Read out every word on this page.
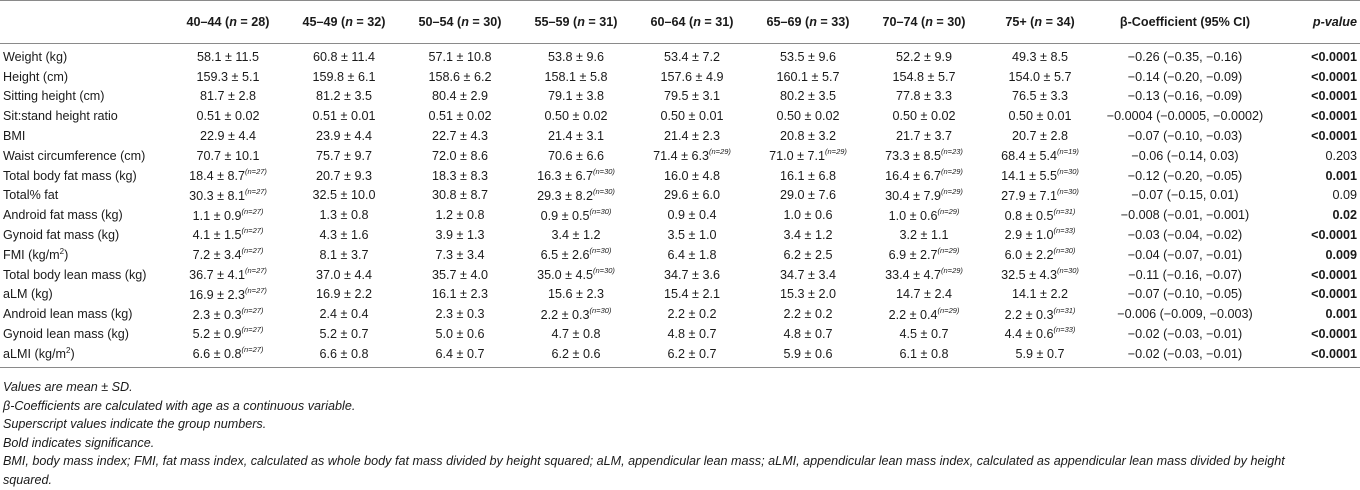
	40–44 (n = 28)	45–49 (n = 32)	50–54 (n = 30)	55–59 (n = 31)	60–64 (n = 31)	65–69 (n = 33)	70–74 (n = 30)	75+ (n = 34)	β-Coefficient (95% CI)	p-value
Weight (kg)	58.1 ± 11.5	60.8 ± 11.4	57.1 ± 10.8	53.8 ± 9.6	53.4 ± 7.2	53.5 ± 9.6	52.2 ± 9.9	49.3 ± 8.5	−0.26 (−0.35, −0.16)	<0.0001
Height (cm)	159.3 ± 5.1	159.8 ± 6.1	158.6 ± 6.2	158.1 ± 5.8	157.6 ± 4.9	160.1 ± 5.7	154.8 ± 5.7	154.0 ± 5.7	−0.14 (−0.20, −0.09)	<0.0001
Sitting height (cm)	81.7 ± 2.8	81.2 ± 3.5	80.4 ± 2.9	79.1 ± 3.8	79.5 ± 3.1	80.2 ± 3.5	77.8 ± 3.3	76.5 ± 3.3	−0.13 (−0.16, −0.09)	<0.0001
Sit:stand height ratio	0.51 ± 0.02	0.51 ± 0.01	0.51 ± 0.02	0.50 ± 0.02	0.50 ± 0.01	0.50 ± 0.02	0.50 ± 0.02	0.50 ± 0.01	−0.0004 (−0.0005, −0.0002)	<0.0001
BMI	22.9 ± 4.4	23.9 ± 4.4	22.7 ± 4.3	21.4 ± 3.1	21.4 ± 2.3	20.8 ± 3.2	21.7 ± 3.7	20.7 ± 2.8	−0.07 (−0.10, −0.03)	<0.0001
Waist circumference (cm)	70.7 ± 10.1	75.7 ± 9.7	72.0 ± 8.6	70.6 ± 6.6	$71.4 \pm 6.3^{(n=29)}$	$71.0 \pm 7.1^{(n=29)}$	$73.3 \pm 8.5^{(n=23)}$	$68.4 \pm 5.4^{(n=19)}$	−0.06 (−0.14, 0.03)	0.203
Total body fat mass (kg)	$18.4 \pm 8.7^{(n=27)}$	20.7 ± 9.3	18.3 ± 8.3	$16.3 \pm 6.7^{(n=30)}$	16.0 ± 4.8	16.1 ± 6.8	$16.4 \pm 6.7^{(n=29)}$	$14.1 \pm 5.5^{(n=30)}$	−0.12 (−0.20, −0.05)	0.001
Total% fat	$30.3 \pm 8.1^{(n=27)}$	32.5 ± 10.0	30.8 ± 8.7	$29.3 \pm 8.2^{(n=30)}$	29.6 ± 6.0	29.0 ± 7.6	$30.4 \pm 7.9^{(n=29)}$	$27.9 \pm 7.1^{(n=30)}$	−0.07 (−0.15, 0.01)	0.09
Android fat mass (kg)	$1.1 \pm 0.9^{(n=27)}$	1.3 ± 0.8	1.2 ± 0.8	$0.9 \pm 0.5^{(n=30)}$	0.9 ± 0.4	1.0 ± 0.6	$1.0 \pm 0.6^{(n=29)}$	$0.8 \pm 0.5^{(n=31)}$	−0.008 (−0.01, −0.001)	0.02
Gynoid fat mass (kg)	$4.1 \pm 1.5^{(n=27)}$	4.3 ± 1.6	3.9 ± 1.3	3.4 ± 1.2	3.5 ± 1.0	3.4 ± 1.2	3.2 ± 1.1	$2.9 \pm 1.0^{(n=33)}$	−0.03 (−0.04, −0.02)	<0.0001
FMI $(kg/m^2)$	$7.2 \pm 3.4^{(n=27)}$	8.1 ± 3.7	7.3 ± 3.4	$6.5 \pm 2.6^{(n=30)}$	6.4 ± 1.8	6.2 ± 2.5	$6.9 \pm 2.7^{(n=29)}$	$6.0 \pm 2.2^{(n=30)}$	−0.04 (−0.07, −0.01)	0.009
Total body lean mass (kg)	$36.7 \pm 4.1^{(n=27)}$	37.0 ± 4.4	35.7 ± 4.0	$35.0 \pm 4.5^{(n=30)}$	34.7 ± 3.6	34.7 ± 3.4	$33.4 \pm 4.7^{(n=29)}$	$32.5 \pm 4.3^{(n=30)}$	−0.11 (−0.16, −0.07)	<0.0001
aLM (kg)	$16.9 \pm 2.3^{(n=27)}$	16.9 ± 2.2	16.1 ± 2.3	15.6 ± 2.3	15.4 ± 2.1	15.3 ± 2.0	14.7 ± 2.4	14.1 ± 2.2	−0.07 (−0.10, −0.05)	<0.0001
Android lean mass (kg)	$2.3 \pm 0.3^{(n=27)}$	2.4 ± 0.4	2.3 ± 0.3	$2.2 \pm 0.3^{(n=30)}$	2.2 ± 0.2	2.2 ± 0.2	$2.2 \pm 0.4^{(n=29)}$	$2.2 \pm 0.3^{(n=31)}$	−0.006 (−0.009, −0.003)	0.001
Gynoid lean mass (kg)	$5.2 \pm 0.9^{(n=27)}$	5.2 ± 0.7	5.0 ± 0.6	4.7 ± 0.8	4.8 ± 0.7	4.8 ± 0.7	4.5 ± 0.7	$4.4 \pm 0.6^{(n=33)}$	−0.02 (−0.03, −0.01)	<0.0001
aLMI $(kg/m^2)$	$6.6 \pm 0.8^{(n=27)}$	6.6 ± 0.8	6.4 ± 0.7	6.2 ± 0.6	6.2 ± 0.7	5.9 ± 0.6	6.1 ± 0.8	5.9 ± 0.7	−0.02 (−0.03, −0.01)	<0.0001
Values are mean ± SD.
β-Coefficients are calculated with age as a continuous variable.
Superscript values indicate the group numbers.
Bold indicates significance.
BMI, body mass index; FMI, fat mass index, calculated as whole body fat mass divided by height squared; aLM, appendicular lean mass; aLMI, appendicular lean mass index, calculated as appendicular lean mass divided by height
squared.
